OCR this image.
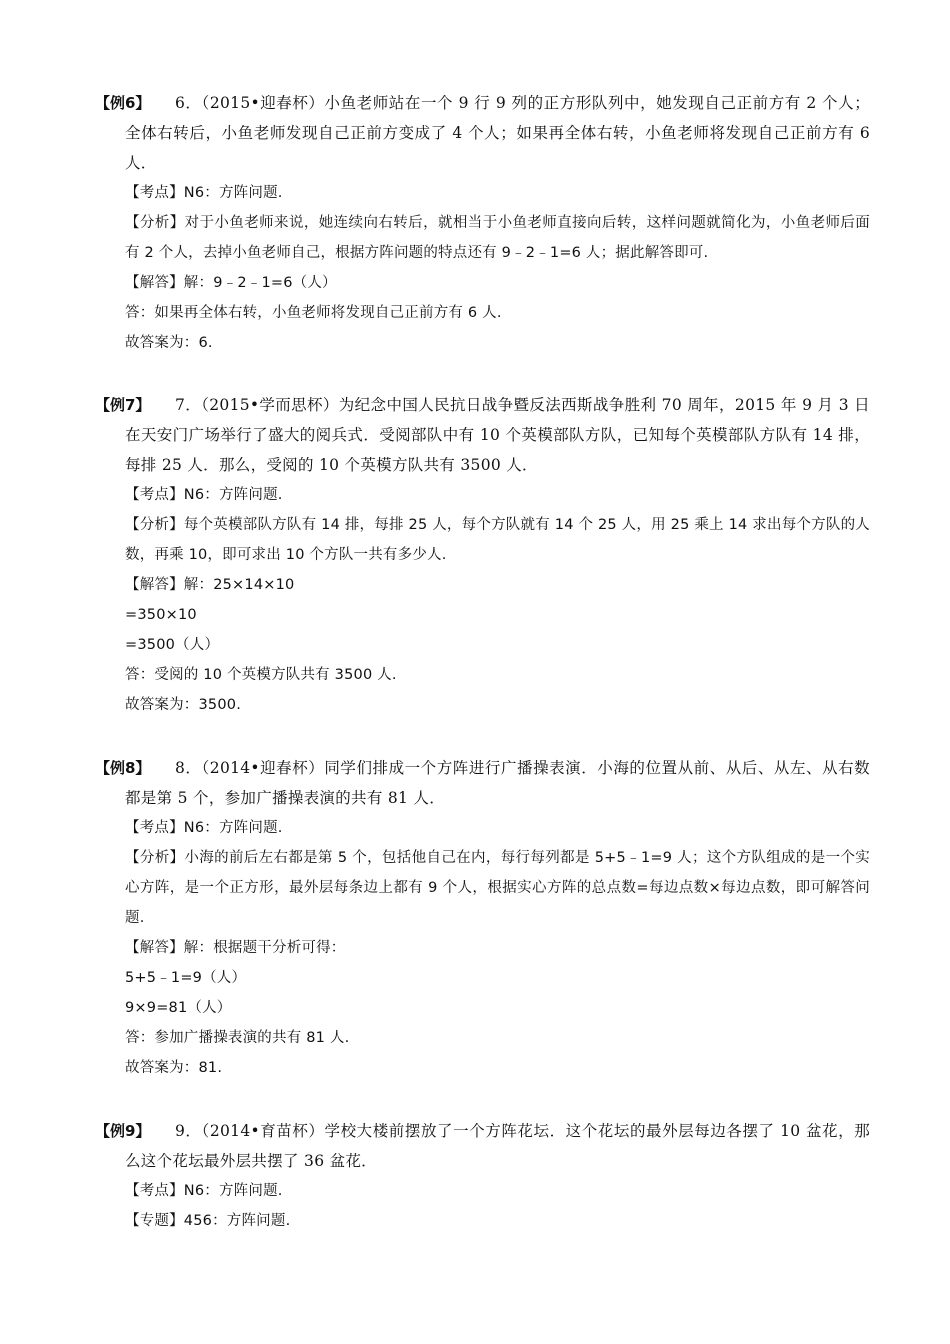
【例6】	6．（2015•迎春杯）小鱼老师站在一个 9 行 9 列的正方形队列中，她发现自己正前方有 2 个人；全体右转后，小鱼老师发现自己正前方变成了 4 个人；如果再全体右转，小鱼老师将发现自己正前方有 6 人．
【考点】N6：方阵问题.
【分析】对于小鱼老师来说，她连续向右转后，就相当于小鱼老师直接向后转，这样问题就简化为，小鱼老师后面有 2 个人，去掉小鱼老师自己，根据方阵问题的特点还有 9﹣2﹣1=6 人；据此解答即可.
【解答】解：9﹣2﹣1=6（人）
答：如果再全体右转，小鱼老师将发现自己正前方有 6 人.
故答案为：6.
【例7】	7．（2015•学而思杯）为纪念中国人民抗日战争暨反法西斯战争胜利 70 周年，2015 年 9 月 3 日在天安门广场举行了盛大的阅兵式．受阅部队中有 10 个英模部队方队，已知每个英模部队方队有 14 排，每排 25 人．那么，受阅的 10 个英模方队共有 3500 人．
【考点】N6：方阵问题.
【分析】每个英模部队方队有 14 排，每排 25 人，每个方队就有 14 个 25 人，用 25 乘上 14 求出每个方队的人数，再乘 10，即可求出 10 个方队一共有多少人.
【解答】解：25×14×10
=350×10
=3500（人）
答：受阅的 10 个英模方队共有 3500 人.
故答案为：3500.
【例8】	8．（2014•迎春杯）同学们排成一个方阵进行广播操表演．小海的位置从前、从后、从左、从右数都是第 5 个，参加广播操表演的共有 81 人．
【考点】N6：方阵问题.
【分析】小海的前后左右都是第 5 个，包括他自己在内，每行每列都是 5+5﹣1=9 人；这个方队组成的是一个实心方阵，是一个正方形，最外层每条边上都有 9 个人，根据实心方阵的总点数=每边点数×每边点数，即可解答问题.
【解答】解：根据题干分析可得：
5+5﹣1=9（人）
9×9=81（人）
答：参加广播操表演的共有 81 人.
故答案为：81.
【例9】	9．（2014•育苗杯）学校大楼前摆放了一个方阵花坛．这个花坛的最外层每边各摆了 10 盆花，那么这个花坛最外层共摆了 36 盆花．
【考点】N6：方阵问题.
【专题】456：方阵问题.
